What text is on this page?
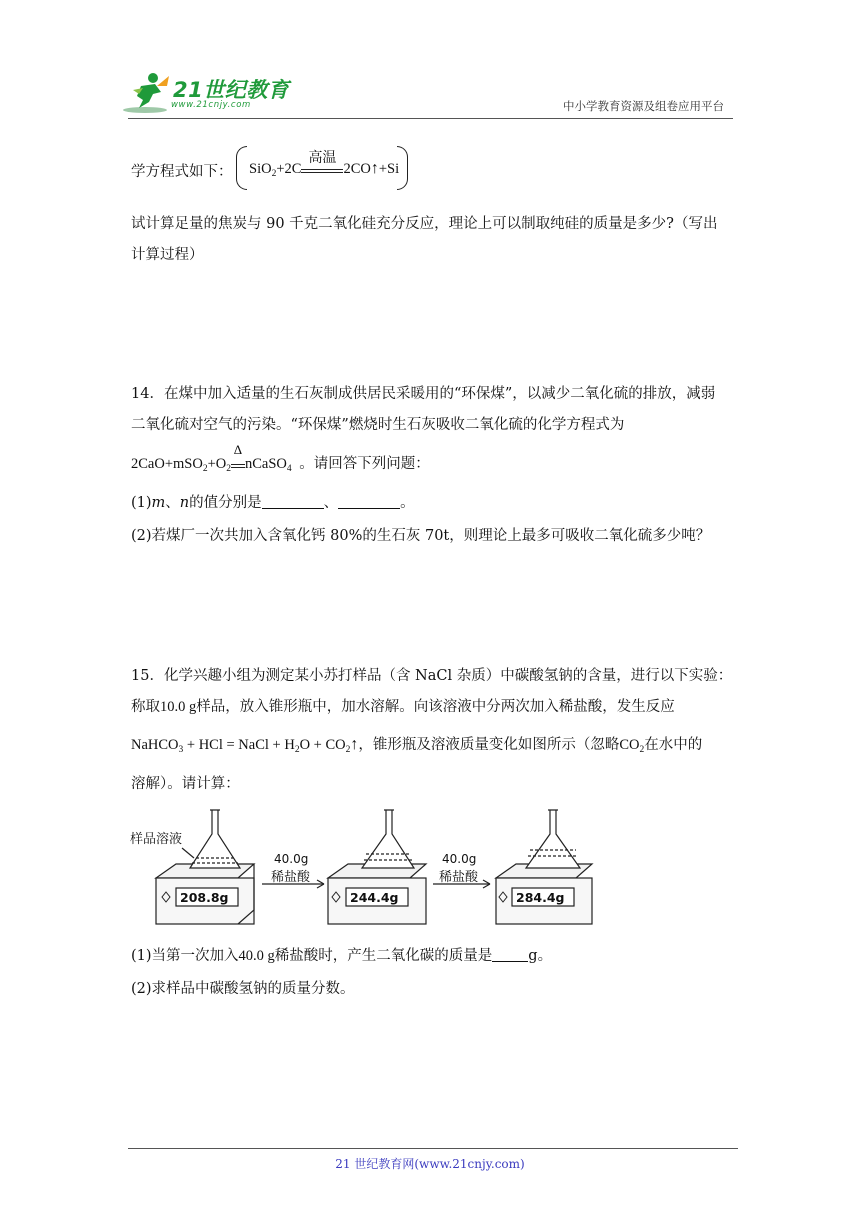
21世纪教育
www.21cnjy.com	中小学教育资源及组卷应用平台
学方程式如下： SiO$_2$+2C
高温
2CO↑+Si
试计算足量的焦炭与 90 千克二氧化硅充分反应，理论上可以制取纯硅的质量是多少?（写出
计算过程）
14．在煤中加入适量的生石灰制成供居民采暖用的“环保煤”，以减少二氧化硫的排放，减弱
二氧化硫对空气的污染。“环保煤”燃烧时生石灰吸收二氧化硫的化学方程式为
$2CaO+mSO_2+O_2$
Δ
nCaSO$_4$ 。请回答下列问题：
(1)m、n的值分别是	、	。
(2)若煤厂一次共加入含氧化钙 80%的生石灰 70t，则理论上最多可吸收二氧化硫多少吨？
15．化学兴趣小组为测定某小苏打样品（含 NaCl 杂质）中碳酸氢钠的含量，进行以下实验：
称取10.0 g样品，放入锥形瓶中，加水溶解。向该溶液中分两次加入稀盐酸，发生反应
NaHCO$_3$ + HCl = NaCl + $H_2O$ + $CO_2↑$，锥形瓶及溶液质量变化如图所示（忽略$CO_2$在水中的
溶解）。请计算：
样品溶液
40.0g
稀盐酸
40.0g
稀盐酸
208.8g	244.4g	284.4g
(1)当第一次加入40.0 g稀盐酸时，产生二氧化碳的质量是 g。
(2)求样品中碳酸氢钠的质量分数。
21 世纪教育网(www.21cnjy.com)
